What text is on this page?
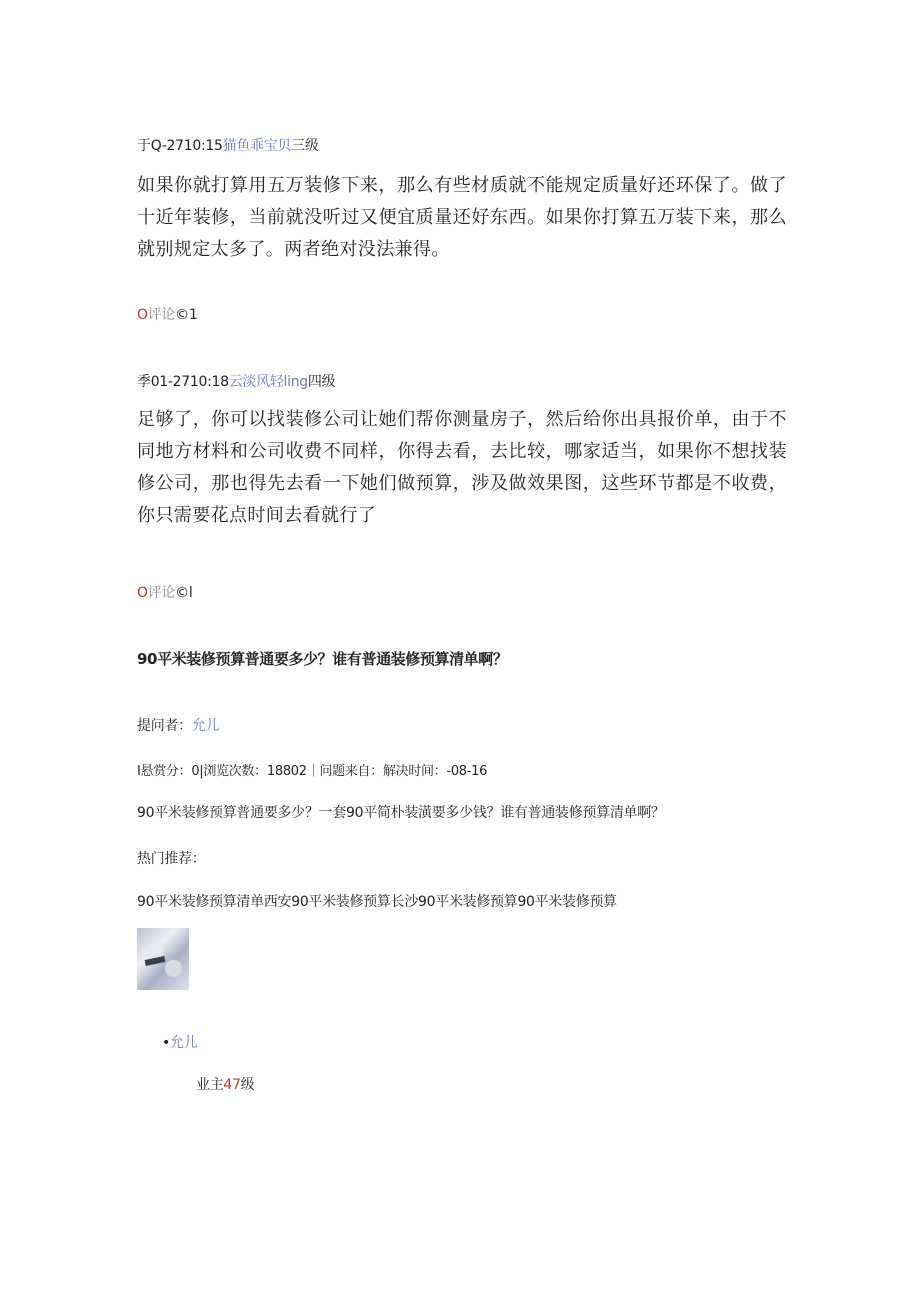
于Q-2710:15猫鱼乖宝贝三级
如果你就打算用五万装修下来，那么有些材质就不能规定质量好还环保了。做了十近年装修，当前就没听过又便宜质量还好东西。如果你打算五万装下来，那么就别规定太多了。两者绝对没法兼得。
O评论©1
季01-2710:18云淡风轻ling四级
足够了，你可以找装修公司让她们帮你测量房子，然后给你出具报价单，由于不同地方材料和公司收费不同样，你得去看，去比较，哪家适当，如果你不想找装修公司，那也得先去看一下她们做预算，涉及做效果图，这些环节都是不收费，你只需要花点时间去看就行了
O评论©l
90平米装修预算普通要多少？谁有普通装修预算清单啊？
提问者：允儿
I悬赏分：0|浏览次数：18802｜问题来自：解决时间：-08-16
90平米装修预算普通要多少？一套90平简朴装潢要多少钱？谁有普通装修预算清单啊？
热门推荐：
90平米装修预算清单西安90平米装修预算长沙90平米装修预算90平米装修预算
•允儿
业主47级
